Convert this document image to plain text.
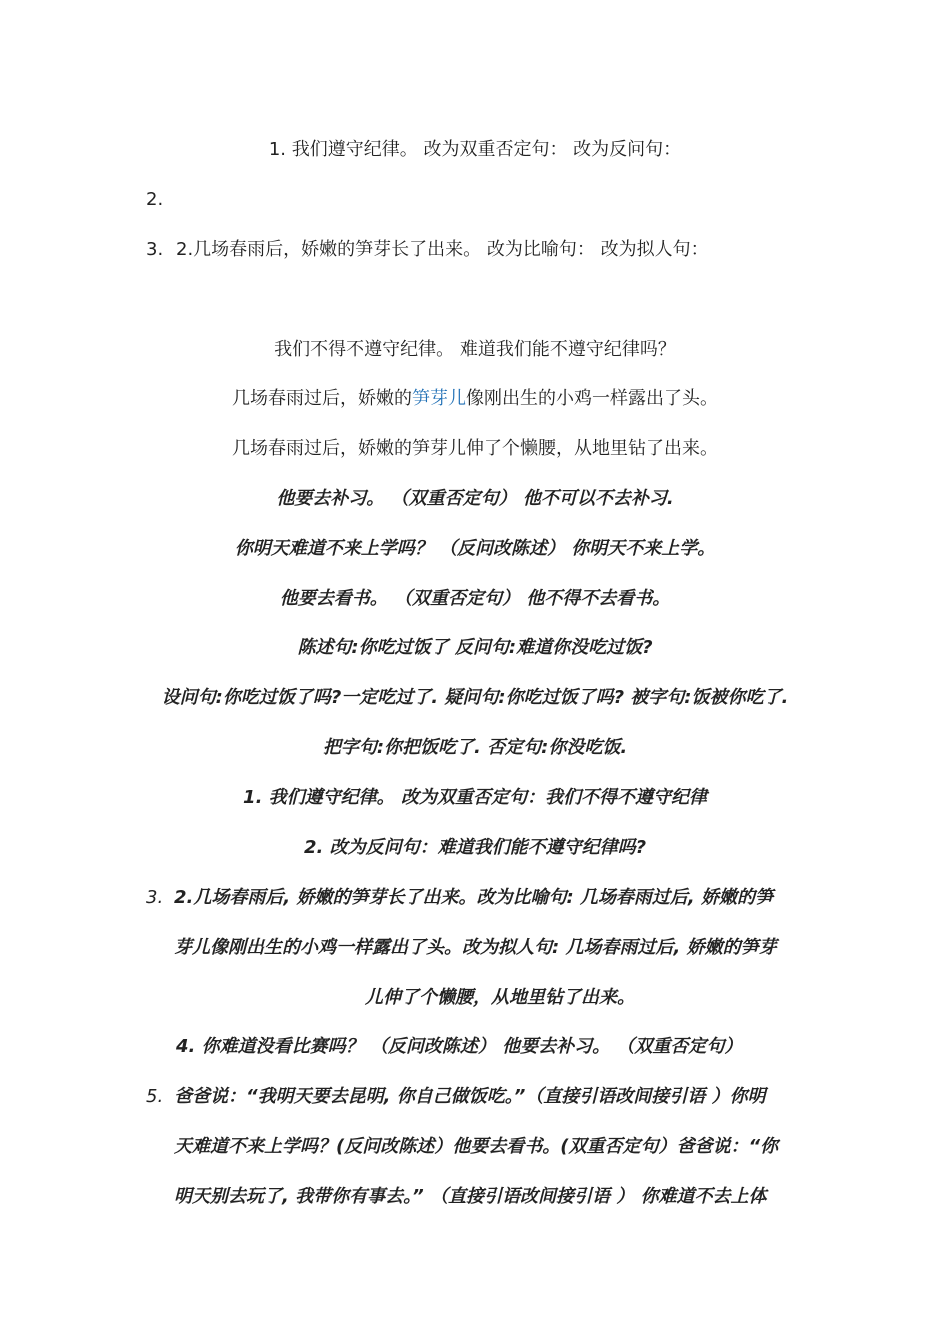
1. 我们遵守纪律。 改为双重否定句： 改为反问句：
2.
3. 2.几场春雨后，娇嫩的笋芽长了出来。 改为比喻句： 改为拟人句：
我们不得不遵守纪律。 难道我们能不遵守纪律吗？
几场春雨过后，娇嫩的笋芽儿像刚出生的小鸡一样露出了头。
几场春雨过后，娇嫩的笋芽儿伸了个懒腰，从地里钻了出来。
他要去补习。 （双重否定句） 他不可以不去补习.
你明天难道不来上学吗？ （反问改陈述） 你明天不来上学。
他要去看书。 （双重否定句） 他不得不去看书。
陈述句:你吃过饭了 反问句:难道你没吃过饭?
设问句:你吃过饭了吗?一定吃过了. 疑问句:你吃过饭了吗? 被字句:饭被你吃了.
把字句:你把饭吃了. 否定句:你没吃饭.
1. 我们遵守纪律。 改为双重否定句：我们不得不遵守纪律
2. 改为反问句：难道我们能不遵守纪律吗?
3. 2.几场春雨后, 娇嫩的笋芽长了出来。改为比喻句: 几场春雨过后, 娇嫩的笋
芽儿像刚出生的小鸡一样露出了头。改为拟人句: 几场春雨过后, 娇嫩的笋芽
儿伸了个懒腰，从地里钻了出来。
4. 你难道没看比赛吗？ （反问改陈述） 他要去补习。 （双重否定句）
5. 爸爸说：“我明天要去昆明, 你自己做饭吃。”（直接引语改间接引语 ）你明
天难道不来上学吗？(反问改陈述）他要去看书。(双重否定句）爸爸说：“你
明天别去玩了, 我带你有事去。” （直接引语改间接引语 ） 你难道不去上体
